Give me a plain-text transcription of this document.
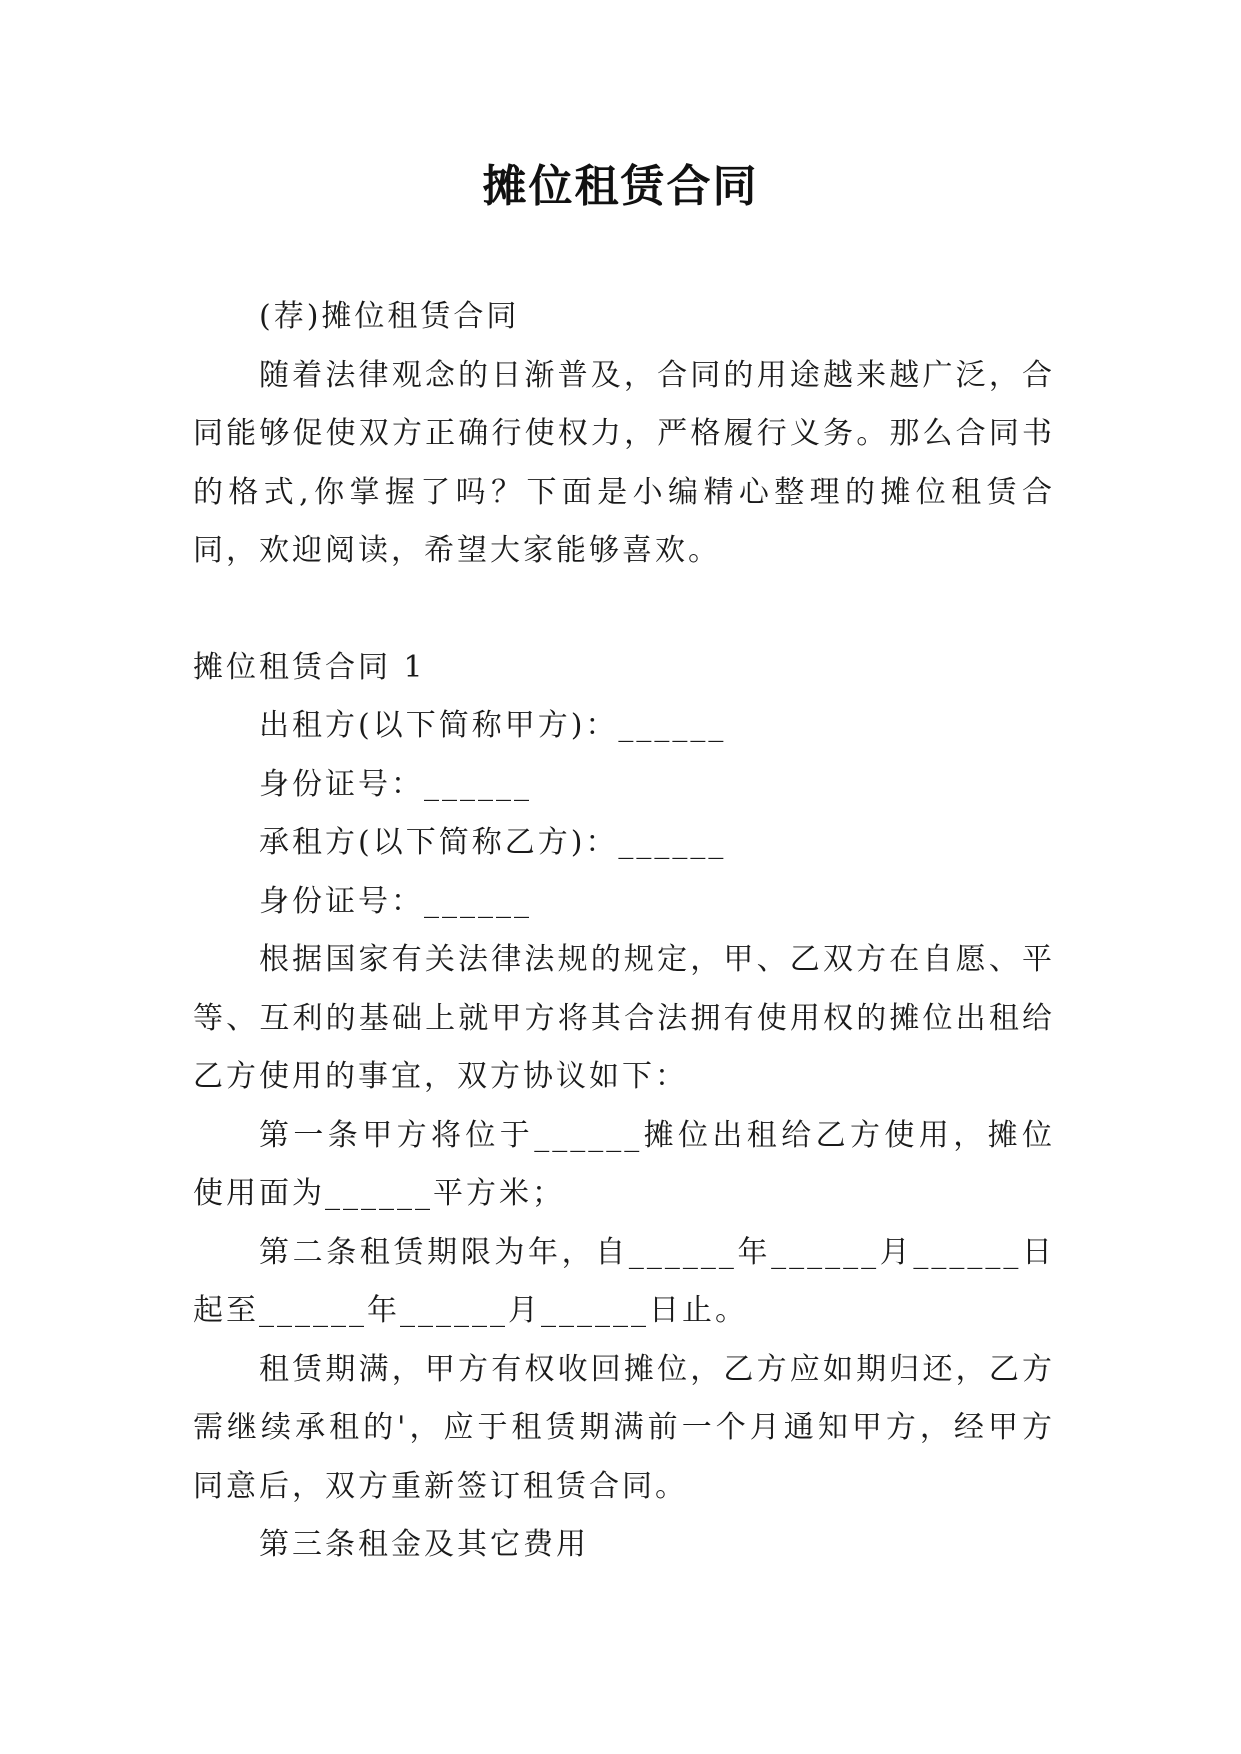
摊位租赁合同

(荐)摊位租赁合同

随着法律观念的日渐普及，合同的用途越来越广泛，合同能够促使双方正确行使权力，严格履行义务。那么合同书的格式,你掌握了吗？下面是小编精心整理的摊位租赁合同，欢迎阅读，希望大家能够喜欢。

摊位租赁合同 1

出租方(以下简称甲方)：______

身份证号：______

承租方(以下简称乙方)：______

身份证号：______

根据国家有关法律法规的规定，甲、乙双方在自愿、平等、互利的基础上就甲方将其合法拥有使用权的摊位出租给乙方使用的事宜，双方协议如下：

第一条甲方将位于______摊位出租给乙方使用，摊位使用面为______平方米；

第二条租赁期限为年，自______年______月______日起至______年______月______日止。

租赁期满，甲方有权收回摊位，乙方应如期归还，乙方需继续承租的'，应于租赁期满前一个月通知甲方，经甲方同意后，双方重新签订租赁合同。

第三条租金及其它费用
